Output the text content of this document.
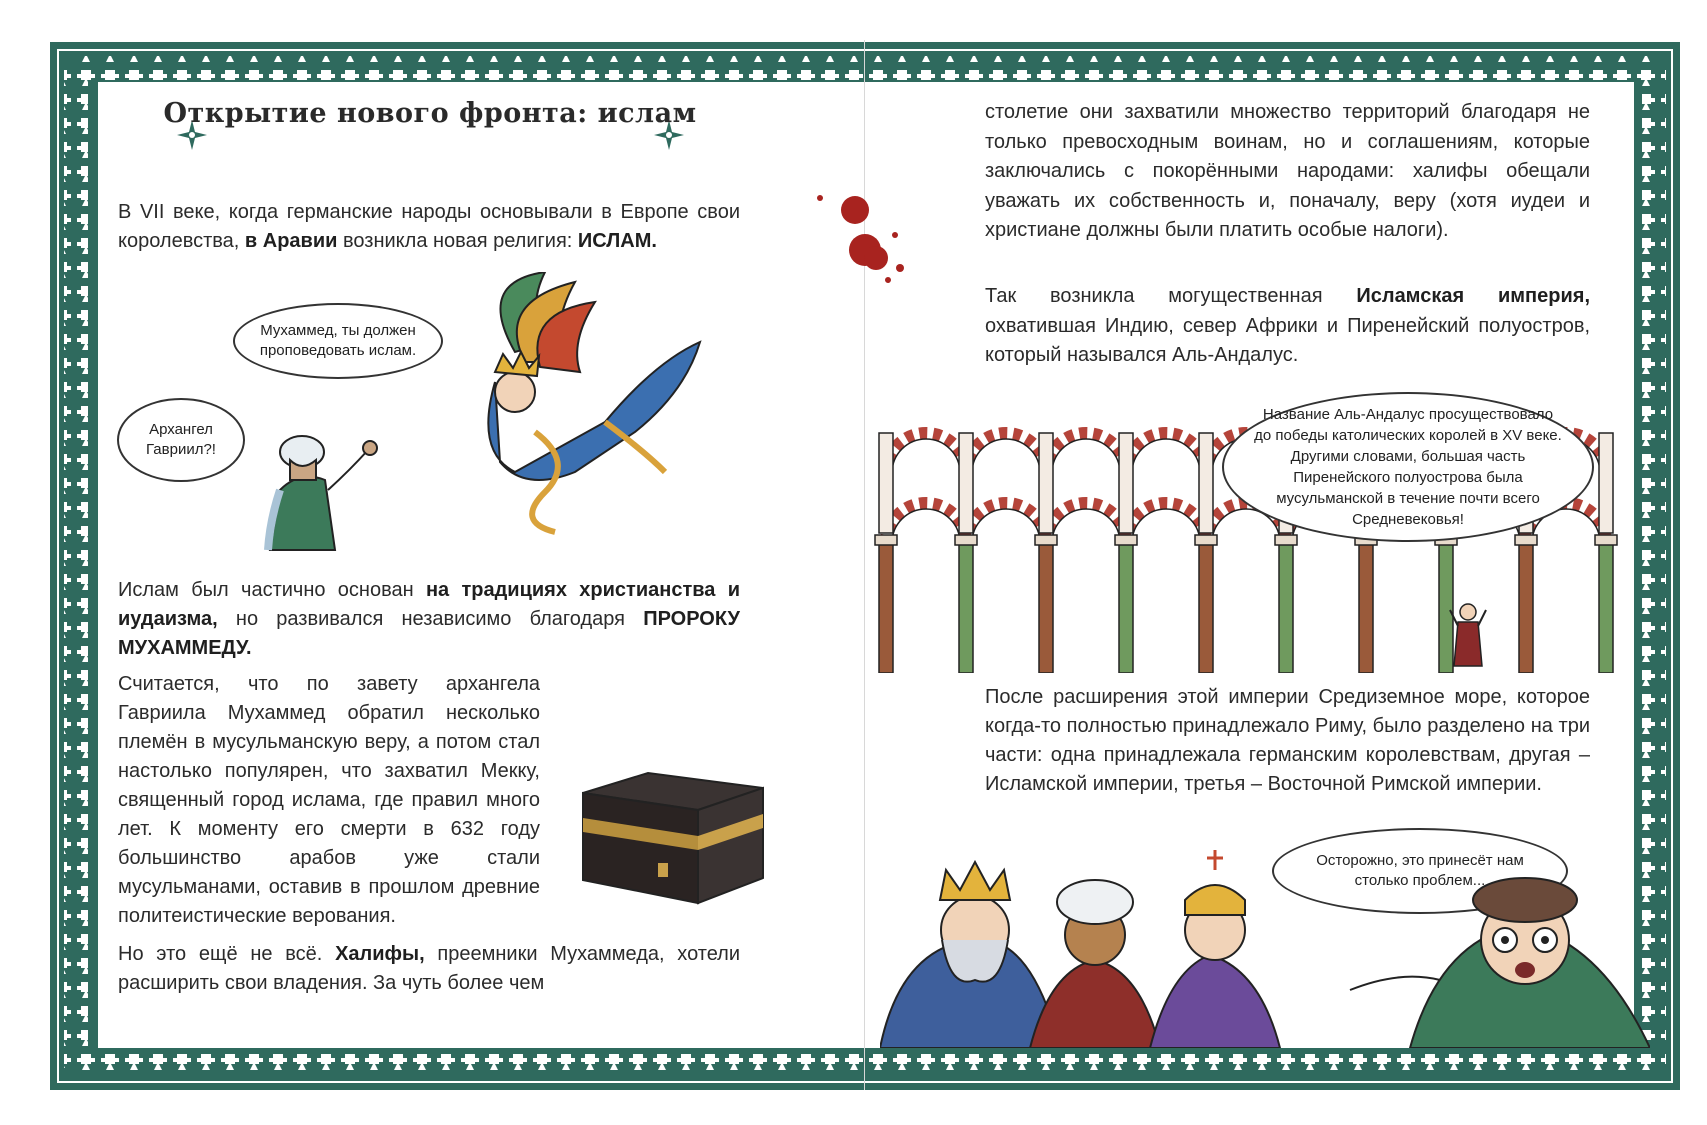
Открытие нового фронта: ислам
В VII веке, когда германские народы основывали в Европе свои королевства, в Аравии возникла новая религия: ИСЛАМ.
Мухаммед, ты должен проповедовать ислам.
Архангел Гавриил?!
Ислам был частично основан на традициях христианства и иудаизма, но развивался независимо благодаря ПРОРОКУ МУХАММЕДУ.
Считается, что по завету архангела Гавриила Мухаммед обратил несколько племён в мусульманскую веру, а потом стал настолько популярен, что захватил Мекку, священный город ислама, где правил много лет. К моменту его смерти в 632 году большинство арабов уже стали мусульманами, оставив в прошлом древние политеистические верования.
Но это ещё не всё. Халифы, преемники Мухаммеда, хотели расширить свои владения. За чуть более чем
столетие они захватили множество территорий благодаря не только превосходным воинам, но и соглашениям, которые заключались с покорёнными народами: халифы обещали уважать их собственность и, поначалу, веру (хотя иудеи и христиане должны были платить особые налоги).
Так возникла могущественная Исламская империя, охватившая Индию, север Африки и Пиренейский полуостров, который назывался Аль-Андалус.
Название Аль-Андалус просуществовало до победы католических королей в XV веке. Другими словами, большая часть Пиренейского полуострова была мусульманской в течение почти всего Средневековья!
После расширения этой империи Средиземное море, которое когда-то полностью принадлежало Риму, было разделено на три части: одна принадлежала германским королевствам, другая – Исламской империи, третья – Восточной Римской империи.
Осторожно, это принесёт нам столько проблем...
